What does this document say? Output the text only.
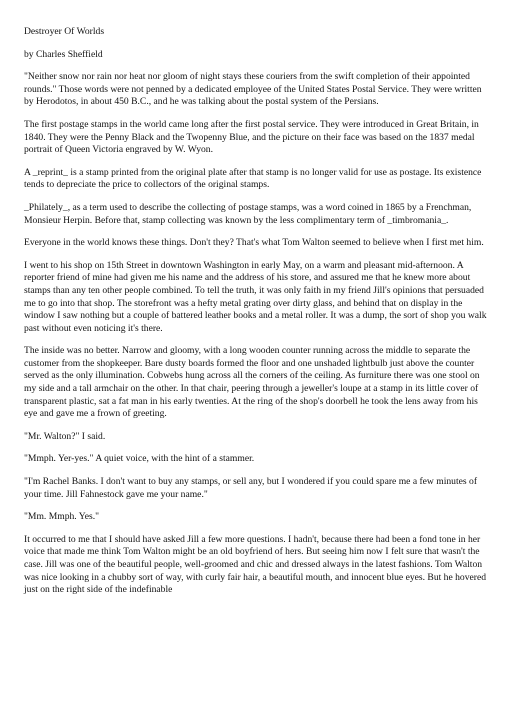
Destroyer Of Worlds

by Charles Sheffield

"Neither snow nor rain nor heat nor gloom of night stays these couriers from the swift completion of their appointed rounds." Those words were not penned by a dedicated employee of the United States Postal Service. They were written by Herodotos, in about 450 B.C., and he was talking about the postal system of the Persians.

The first postage stamps in the world came long after the first postal service. They were introduced in Great Britain, in 1840. They were the Penny Black and the Twopenny Blue, and the picture on their face was based on the 1837 medal portrait of Queen Victoria engraved by W. Wyon.

A _reprint_ is a stamp printed from the original plate after that stamp is no longer valid for use as postage. Its existence tends to depreciate the price to collectors of the original stamps.

_Philately_, as a term used to describe the collecting of postage stamps, was a word coined in 1865 by a Frenchman, Monsieur Herpin. Before that, stamp collecting was known by the less complimentary term of _timbromania_.

Everyone in the world knows these things. Don't they? That's what Tom Walton seemed to believe when I first met him.

I went to his shop on 15th Street in downtown Washington in early May, on a warm and pleasant mid-afternoon. A reporter friend of mine had given me his name and the address of his store, and assured me that he knew more about stamps than any ten other people combined. To tell the truth, it was only faith in my friend Jill's opinions that persuaded me to go into that shop. The storefront was a hefty metal grating over dirty glass, and behind that on display in the window I saw nothing but a couple of battered leather books and a metal roller. It was a dump, the sort of shop you walk past without even noticing it's there.

The inside was no better. Narrow and gloomy, with a long wooden counter running across the middle to separate the customer from the shopkeeper. Bare dusty boards formed the floor and one unshaded lightbulb just above the counter served as the only illumination. Cobwebs hung across all the corners of the ceiling. As furniture there was one stool on my side and a tall armchair on the other. In that chair, peering through a jeweller's loupe at a stamp in its little cover of transparent plastic, sat a fat man in his early twenties. At the ring of the shop's doorbell he took the lens away from his eye and gave me a frown of greeting.

"Mr. Walton?" I said.

"Mmph. Yer-yes." A quiet voice, with the hint of a stammer.

"I'm Rachel Banks. I don't want to buy any stamps, or sell any, but I wondered if you could spare me a few minutes of your time. Jill Fahnestock gave me your name."

"Mm. Mmph. Yes."

It occurred to me that I should have asked Jill a few more questions. I hadn't, because there had been a fond tone in her voice that made me think Tom Walton might be an old boyfriend of hers. But seeing him now I felt sure that wasn't the case. Jill was one of the beautiful people, well-groomed and chic and dressed always in the latest fashions. Tom Walton was nice looking in a chubby sort of way, with curly fair hair, a beautiful mouth, and innocent blue eyes. But he hovered just on the right side of the indefinable
